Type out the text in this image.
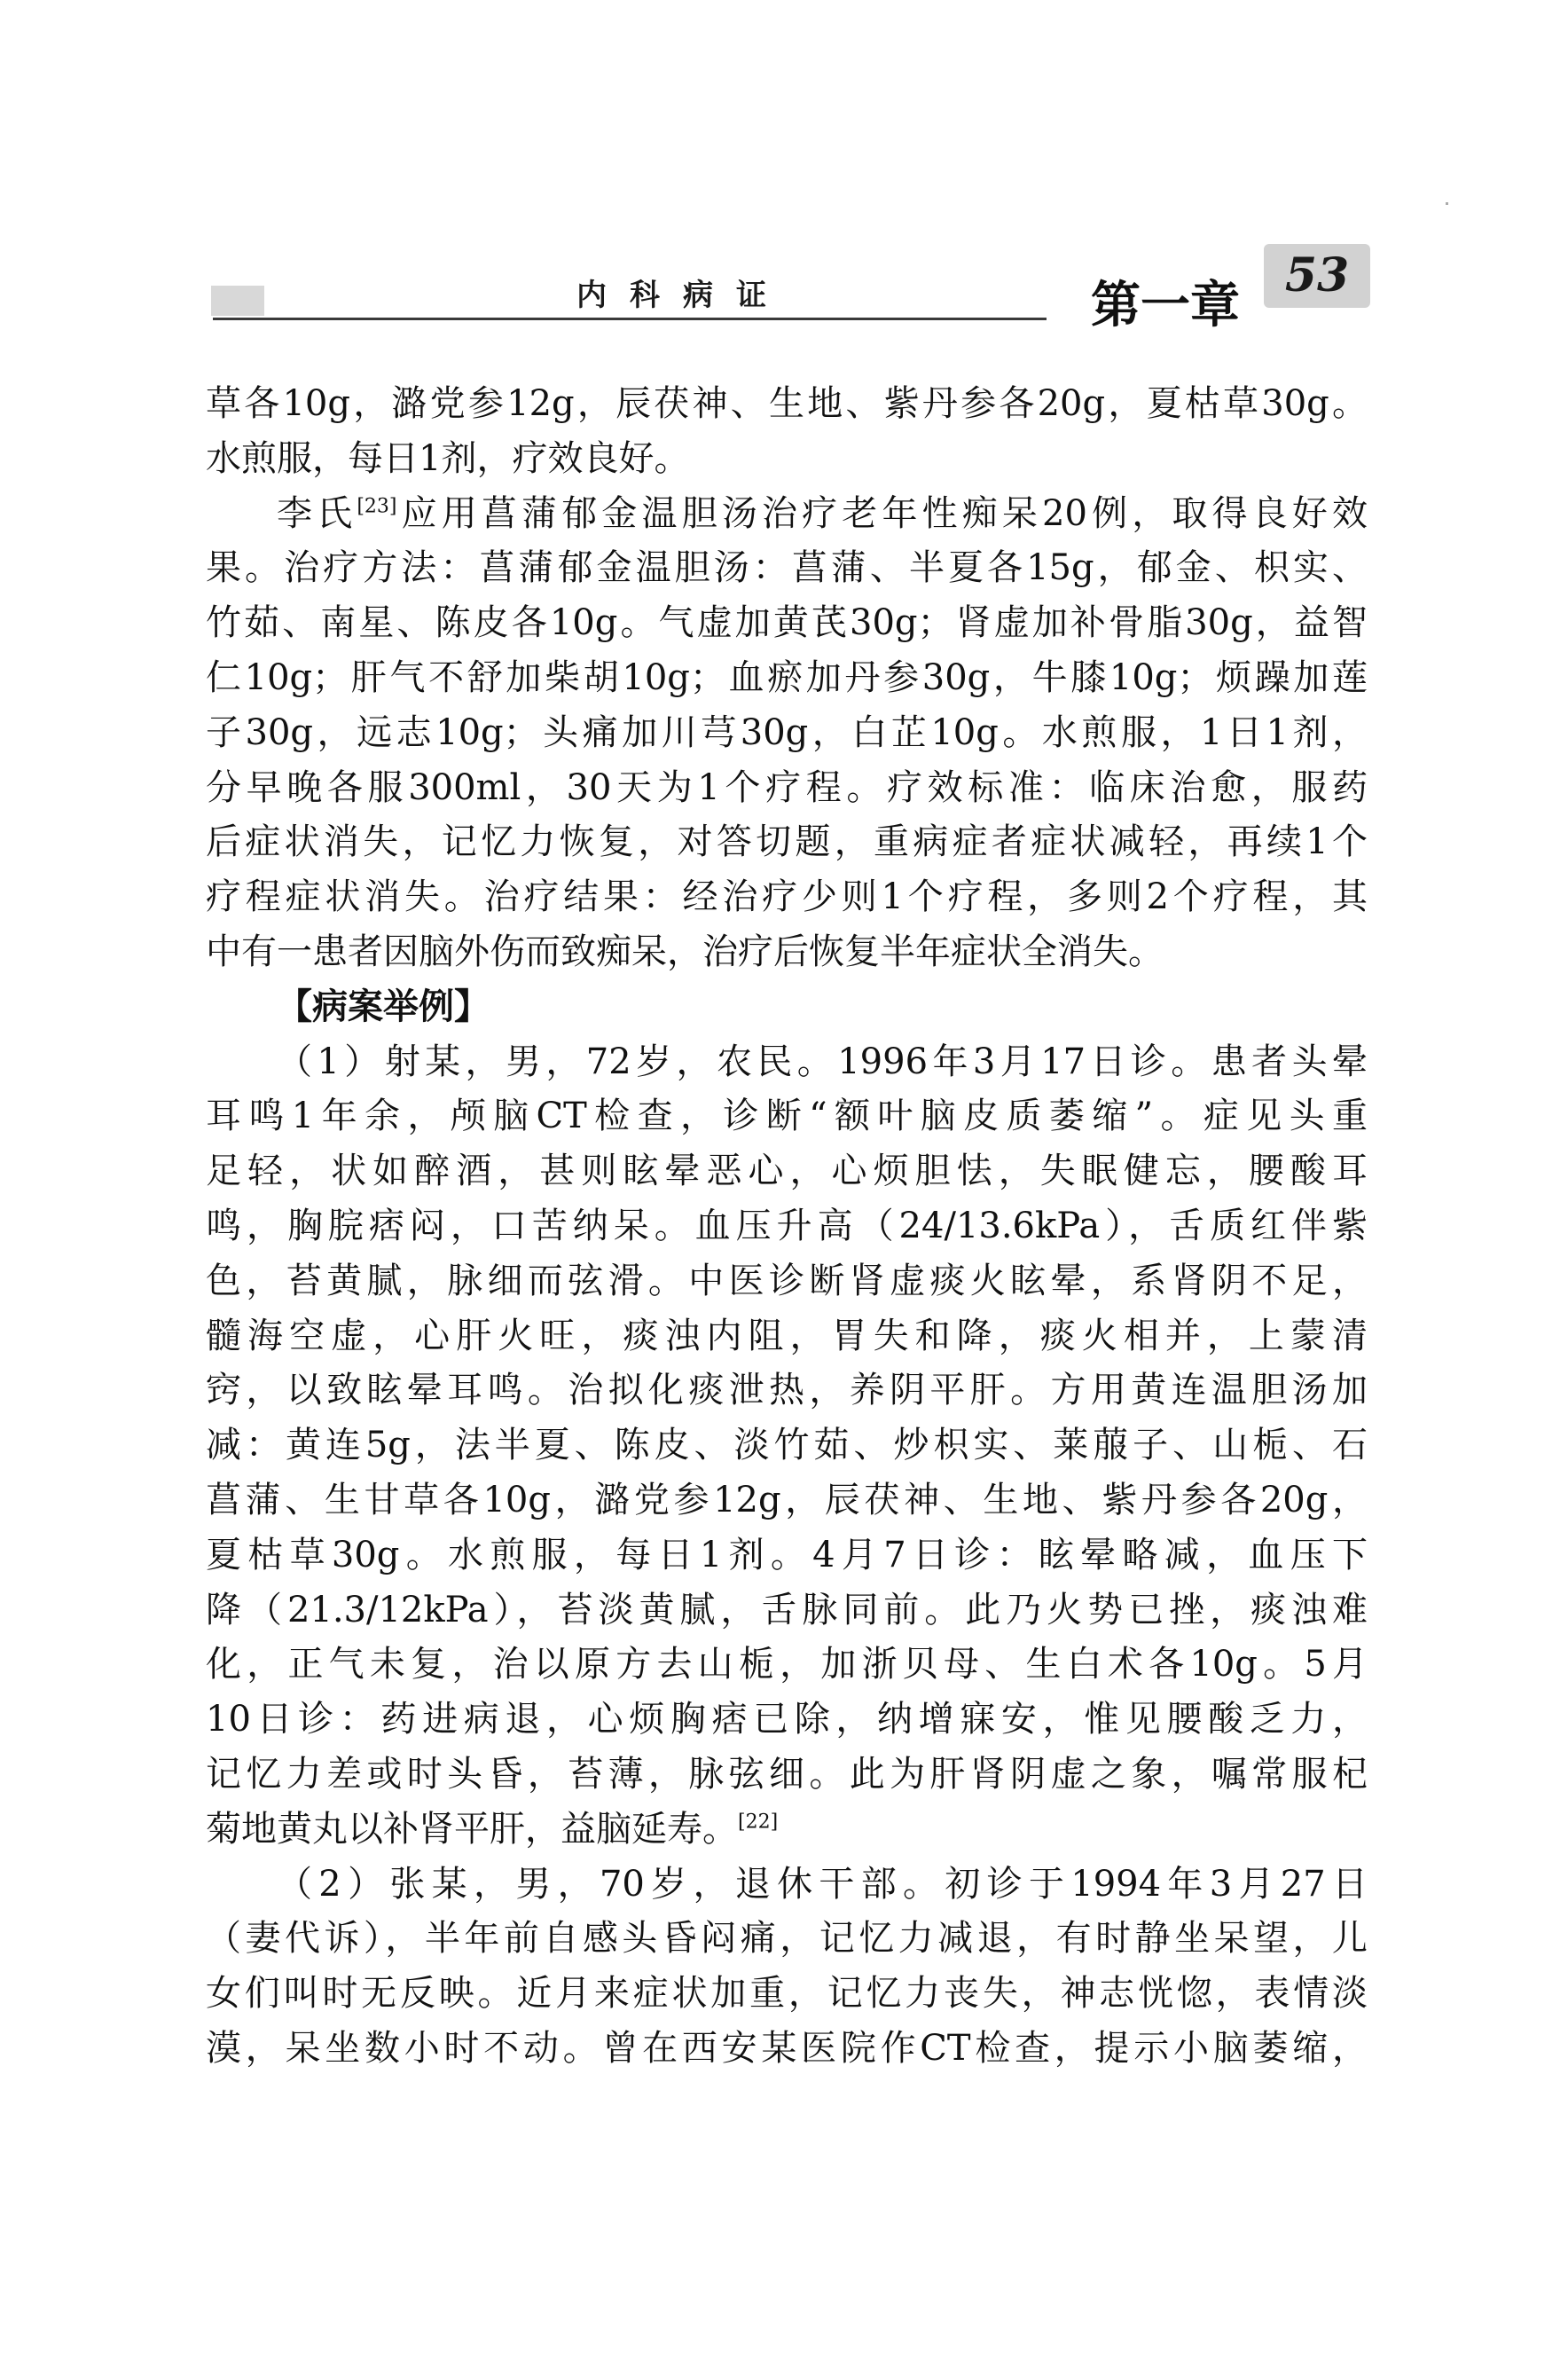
内科病证	第一章
53
草各10g，潞党参12g，辰茯神、生地、紫丹参各20g，夏枯草30g。
水煎服，每日1剂，疗效良好。
李氏[23]应用菖蒲郁金温胆汤治疗老年性痴呆20例，取得良好效
果。治疗方法：菖蒲郁金温胆汤：菖蒲、半夏各15g，郁金、枳实、
竹茹、南星、陈皮各10g。气虚加黄芪30g；肾虚加补骨脂30g，益智
仁10g；肝气不舒加柴胡10g；血瘀加丹参30g，牛膝10g；烦躁加莲
子30g，远志10g；头痛加川芎30g，白芷10g。水煎服，1日1剂，
分早晚各服300ml，30天为1个疗程。疗效标准：临床治愈，服药
后症状消失，记忆力恢复，对答切题，重病症者症状减轻，再续1个
疗程症状消失。治疗结果：经治疗少则1个疗程，多则2个疗程，其
中有一患者因脑外伤而致痴呆，治疗后恢复半年症状全消失。
【病案举例】
（1）射某，男，72岁，农民。1996年3月17日诊。患者头晕
耳鸣1年余，颅脑CT检查，诊断“额叶脑皮质萎缩”。症见头重
足轻，状如醉酒，甚则眩晕恶心，心烦胆怯，失眠健忘，腰酸耳
鸣，胸脘痞闷，口苦纳呆。血压升高（24/13.6kPa），舌质红伴紫
色，苔黄腻，脉细而弦滑。中医诊断肾虚痰火眩晕，系肾阴不足，
髓海空虚，心肝火旺，痰浊内阻，胃失和降，痰火相并，上蒙清
窍，以致眩晕耳鸣。治拟化痰泄热，养阴平肝。方用黄连温胆汤加
减：黄连5g，法半夏、陈皮、淡竹茹、炒枳实、莱菔子、山栀、石
菖蒲、生甘草各10g，潞党参12g，辰茯神、生地、紫丹参各20g，
夏枯草30g。水煎服，每日1剂。4月7日诊：眩晕略减，血压下
降（21.3/12kPa），苔淡黄腻，舌脉同前。此乃火势已挫，痰浊难
化，正气未复，治以原方去山栀，加浙贝母、生白术各10g。5月
10日诊：药进病退，心烦胸痞已除，纳增寐安，惟见腰酸乏力，
记忆力差或时头昏，苔薄，脉弦细。此为肝肾阴虚之象，嘱常服杞
菊地黄丸以补肾平肝，益脑延寿。[22]
（2）张某，男，70岁，退休干部。初诊于1994年3月27日
（妻代诉），半年前自感头昏闷痛，记忆力减退，有时静坐呆望，儿
女们叫时无反映。近月来症状加重，记忆力丧失，神志恍惚，表情淡
漠，呆坐数小时不动。曾在西安某医院作CT检查，提示小脑萎缩，
